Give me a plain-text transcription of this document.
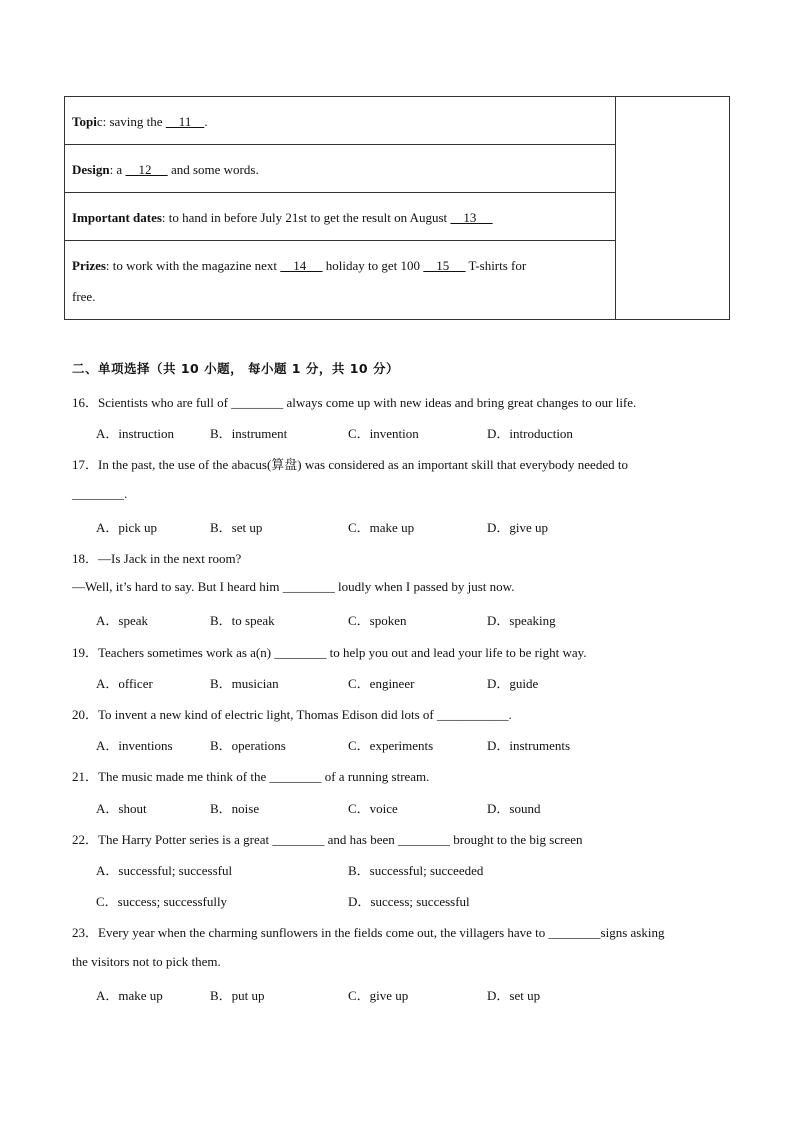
Topic: saving the     11    .
Design: a     12      and some words.
Important dates: to hand in before July 21st to get the result on August     13
Prizes: to work with the magazine next     14      holiday to get 100     15      T-shirts for
free.
二、单项选择（共 10 小题， 每小题 1 分，共 10 分）
16．Scientists who are full of ________ always come up with new ideas and bring great changes to our life.
A．instruction	B．instrument	C．invention	D．introduction
17．In the past, the use of the abacus(算盘) was considered as an important skill that everybody needed to
________.
A．pick up	B．set up	C．make up	D．give up
18．—Is Jack in the next room?
—Well, it’s hard to say. But I heard him ________ loudly when I passed by just now.
A．speak	B．to speak	C．spoken	D．speaking
19．Teachers sometimes work as a(n) ________ to help you out and lead your life to be right way.
A．officer	B．musician	C．engineer	D．guide
20．To invent a new kind of electric light, Thomas Edison did lots of ___________.
A．inventions	B．operations	C．experiments	D．instruments
21．The music made me think of the ________ of a running stream.
A．shout	B．noise	C．voice	D．sound
22．The Harry Potter series is a great ________ and has been ________ brought to the big screen
A．successful; successful	B．successful; succeeded
C．success; successfully	D．success; successful
23．Every year when the charming sunflowers in the fields come out, the villagers have to ________signs asking
the visitors not to pick them.
A．make up	B．put up	C．give up	D．set up
